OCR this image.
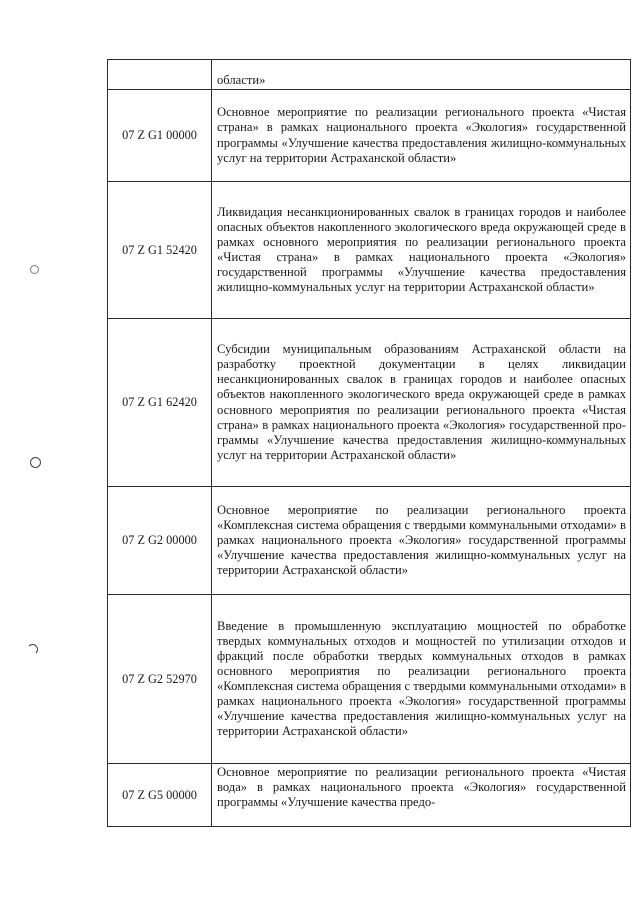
	области»
07 Z G1 00000	Основное мероприятие по реализации регионального проекта «Чистая страна» в рамках национального проекта «Экология» государственной программы «Улучшение качества предоставления жилищно-коммунальных услуг на территории Астраханской области»
07 Z G1 52420	Ликвидация несанкционированных свалок в границах городов и наиболее опасных объектов накопленного экологического вреда окружающей среде в рамках основного мероприятия по реализации регионального проекта «Чистая страна» в рамках национального проекта «Экология» государственной программы «Улучшение качества предоставления жилищно-коммунальных услуг на территории Астраханской области»
07 Z G1 62420	Субсидии муниципальным образованиям Астраханской области на разработку проектной документации в целях ликвидации несанкционированных свалок в границах городов и наиболее опасных объектов накопленного экологического вреда окружающей среде в рамках основного мероприятия по реализации регионального проекта «Чистая страна» в рамках национального проекта «Экология» государственной программы «Улучшение качества предоставления жилищно-коммунальных услуг на территории Астраханской области»
07 Z G2 00000	Основное мероприятие по реализации регионального проекта «Комплексная система обращения с твердыми коммунальными отходами» в рамках национального проекта «Экология» государственной программы «Улучшение качества предоставления жилищно-коммунальных услуг на территории Астраханской области»
07 Z G2 52970	Введение в промышленную эксплуатацию мощностей по обработке твердых коммунальных отходов и мощностей по утилизации отходов и фракций после обработки твердых коммунальных отходов в рамках основного мероприятия по реализации регионального проекта «Комплексная система обращения с твердыми коммунальными отходами» в рамках национального проекта «Экология» государственной программы «Улучшение качества предоставления жилищно-коммунальных услуг на территории Астраханской области»
07 Z G5 00000	Основное мероприятие по реализации регионального проекта «Чистая вода» в рамках национального проекта «Экология» государственной программы «Улучшение качества предо-
